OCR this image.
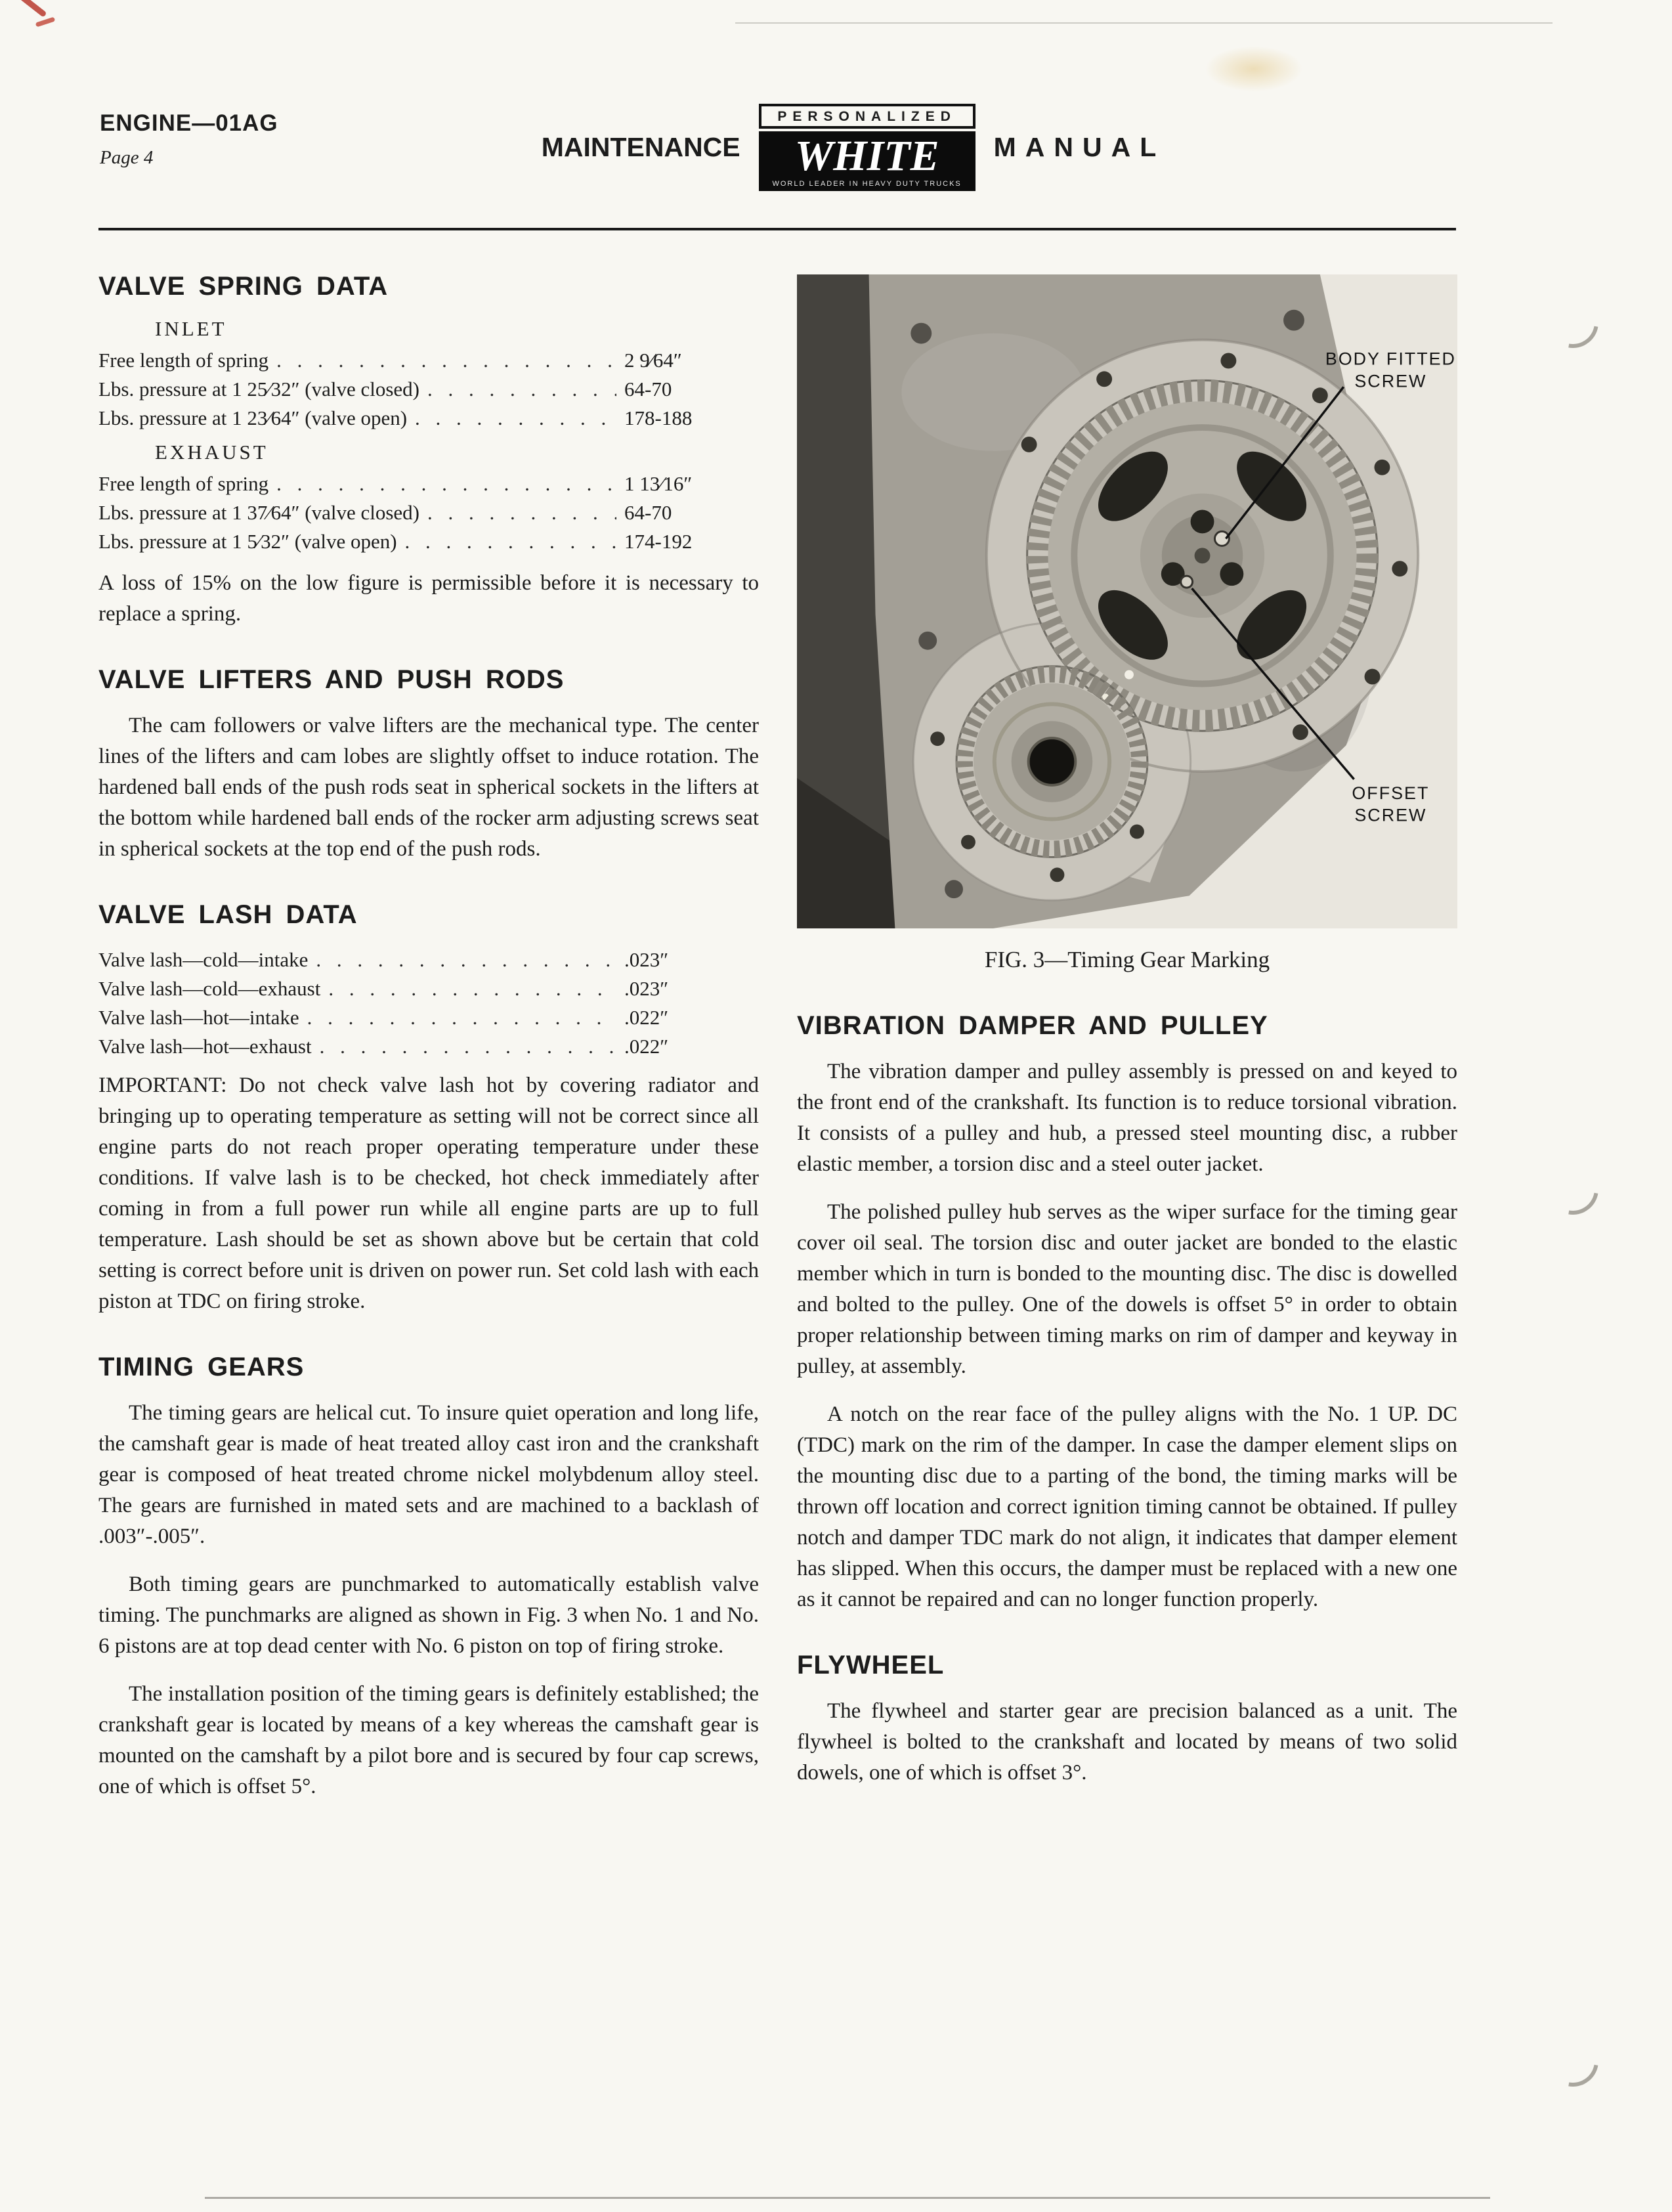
ENGINE—01AG
Page 4	MAINTENANCE
PERSONALIZED
WHITE
WORLD LEADER IN HEAVY DUTY TRUCKS
MANUAL
VALVE SPRING DATA
INLET
Free length of spring . . .	2 9⁄64″
Lbs. pressure at 1 25⁄32″ (valve closed) . . .	64-70
Lbs. pressure at 1 23⁄64″ (valve open) . . .	178-188
EXHAUST
Free length of spring . . .	1 13⁄16″
Lbs. pressure at 1 37⁄64″ (valve closed) . . .	64-70
Lbs. pressure at 1 5⁄32″ (valve open) . . .	174-192

A loss of 15% on the low figure is permissible before it is necessary to replace a spring.

VALVE LIFTERS AND PUSH RODS

The cam followers or valve lifters are the mechanical type. The center lines of the lifters and cam lobes are slightly offset to induce rotation. The hardened ball ends of the push rods seat in spherical sockets in the lifters at the bottom while hardened ball ends of the rocker arm adjusting screws seat in spherical sockets at the top end of the push rods.

VALVE LASH DATA
Valve lash—cold—intake . . .	.023″
Valve lash—cold—exhaust . . .	.023″
Valve lash—hot—intake . . .	.022″
Valve lash—hot—exhaust . . .	.022″

IMPORTANT: Do not check valve lash hot by covering radiator and bringing up to operating temperature as setting will not be correct since all engine parts do not reach proper operating temperature under these conditions. If valve lash is to be checked, hot check immediately after coming in from a full power run while all engine parts are up to full temperature. Lash should be set as shown above but be certain that cold setting is correct before unit is driven on power run. Set cold lash with each piston at TDC on firing stroke.

TIMING GEARS

The timing gears are helical cut. To insure quiet operation and long life, the camshaft gear is made of heat treated alloy cast iron and the crankshaft gear is composed of heat treated chrome nickel molybdenum alloy steel. The gears are furnished in mated sets and are machined to a backlash of .003″-.005″.

Both timing gears are punchmarked to automatically establish valve timing. The punchmarks are aligned as shown in Fig. 3 when No. 1 and No. 6 pistons are at top dead center with No. 6 piston on top of firing stroke.

The installation position of the timing gears is definitely established; the crankshaft gear is located by means of a key whereas the camshaft gear is mounted on the camshaft by a pilot bore and is secured by four cap screws, one of which is offset 5°.

BODY FITTED
SCREW
OFFSET
SCREW
FIG. 3—Timing Gear Marking
VIBRATION DAMPER AND PULLEY

The vibration damper and pulley assembly is pressed on and keyed to the front end of the crankshaft. Its function is to reduce torsional vibration. It consists of a pulley and hub, a pressed steel mounting disc, a rubber elastic member, a torsion disc and a steel outer jacket.

The polished pulley hub serves as the wiper surface for the timing gear cover oil seal. The torsion disc and outer jacket are bonded to the elastic member which in turn is bonded to the mounting disc. The disc is dowelled and bolted to the pulley. One of the dowels is offset 5° in order to obtain proper relationship between timing marks on rim of damper and keyway in pulley, at assembly.

A notch on the rear face of the pulley aligns with the No. 1 UP. DC (TDC) mark on the rim of the damper. In case the damper element slips on the mounting disc due to a parting of the bond, the timing marks will be thrown off location and correct ignition timing cannot be obtained. If pulley notch and damper TDC mark do not align, it indicates that damper element has slipped. When this occurs, the damper must be replaced with a new one as it cannot be repaired and can no longer function properly.

FLYWHEEL

The flywheel and starter gear are precision balanced as a unit. The flywheel is bolted to the crankshaft and located by means of two solid dowels, one of which is offset 3°.
